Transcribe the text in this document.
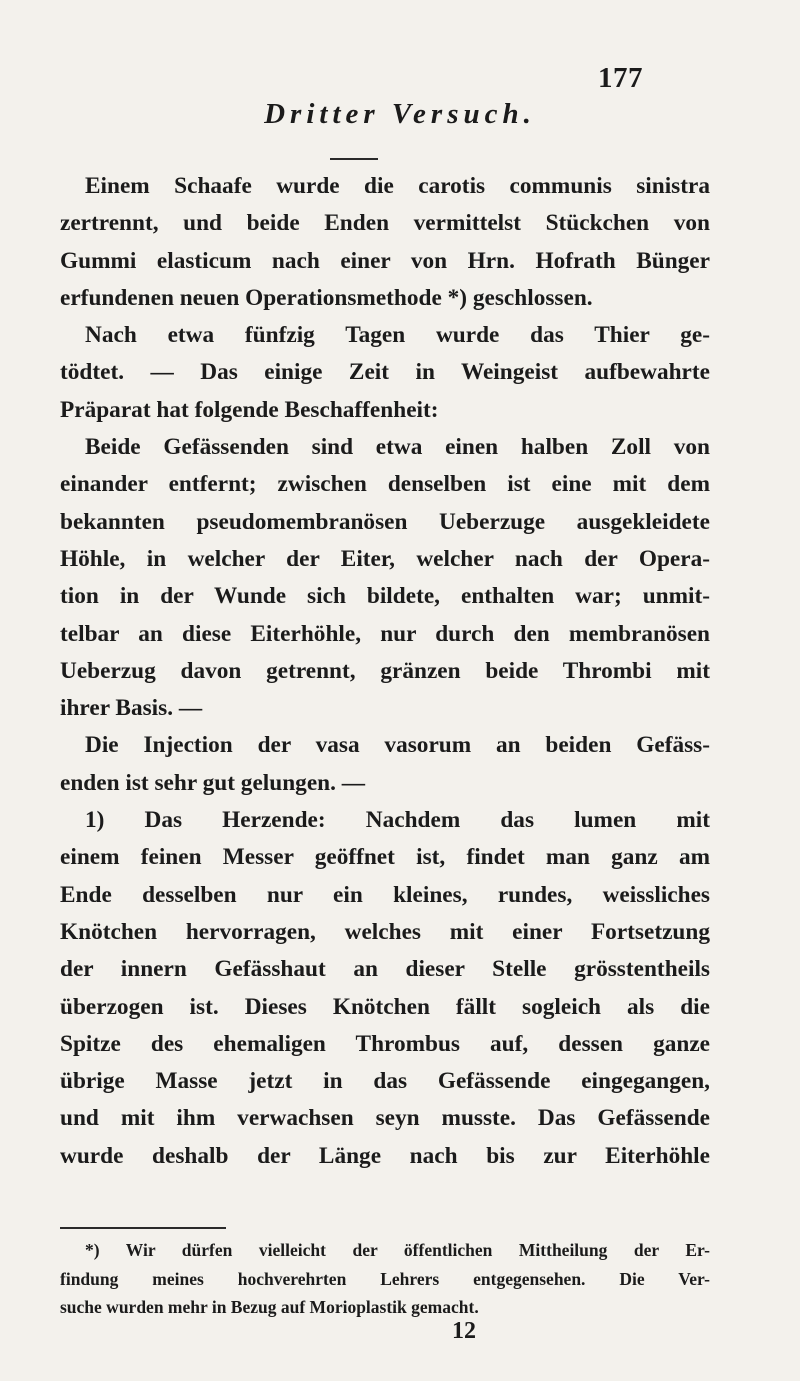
177
Dritter Versuch.
Einem Schaafe wurde die carotis communis sinistra
zertrennt, und beide Enden vermittelst Stückchen von
Gummi elasticum nach einer von Hrn. Hofrath Bünger
erfundenen neuen Operationsmethode *) geschlossen.
Nach etwa fünfzig Tagen wurde das Thier ge-
tödtet. — Das einige Zeit in Weingeist aufbewahrte
Präparat hat folgende Beschaffenheit:
Beide Gefässenden sind etwa einen halben Zoll von
einander entfernt; zwischen denselben ist eine mit dem
bekannten pseudomembranösen Ueberzuge ausgekleidete
Höhle, in welcher der Eiter, welcher nach der Opera-
tion in der Wunde sich bildete, enthalten war; unmit-
telbar an diese Eiterhöhle, nur durch den membranösen
Ueberzug davon getrennt, gränzen beide Thrombi mit
ihrer Basis. —
Die Injection der vasa vasorum an beiden Gefäss-
enden ist sehr gut gelungen. —
1) Das Herzende: Nachdem das lumen mit
einem feinen Messer geöffnet ist, findet man ganz am
Ende desselben nur ein kleines, rundes, weissliches
Knötchen hervorragen, welches mit einer Fortsetzung
der innern Gefässhaut an dieser Stelle grösstentheils
überzogen ist. Dieses Knötchen fällt sogleich als die
Spitze des ehemaligen Thrombus auf, dessen ganze
übrige Masse jetzt in das Gefässende eingegangen,
und mit ihm verwachsen seyn musste. Das Gefässende
wurde deshalb der Länge nach bis zur Eiterhöhle
*) Wir dürfen vielleicht der öffentlichen Mittheilung der Er-
findung meines hochverehrten Lehrers entgegensehen. Die Ver-
suche wurden mehr in Bezug auf Morioplastik gemacht.
12
